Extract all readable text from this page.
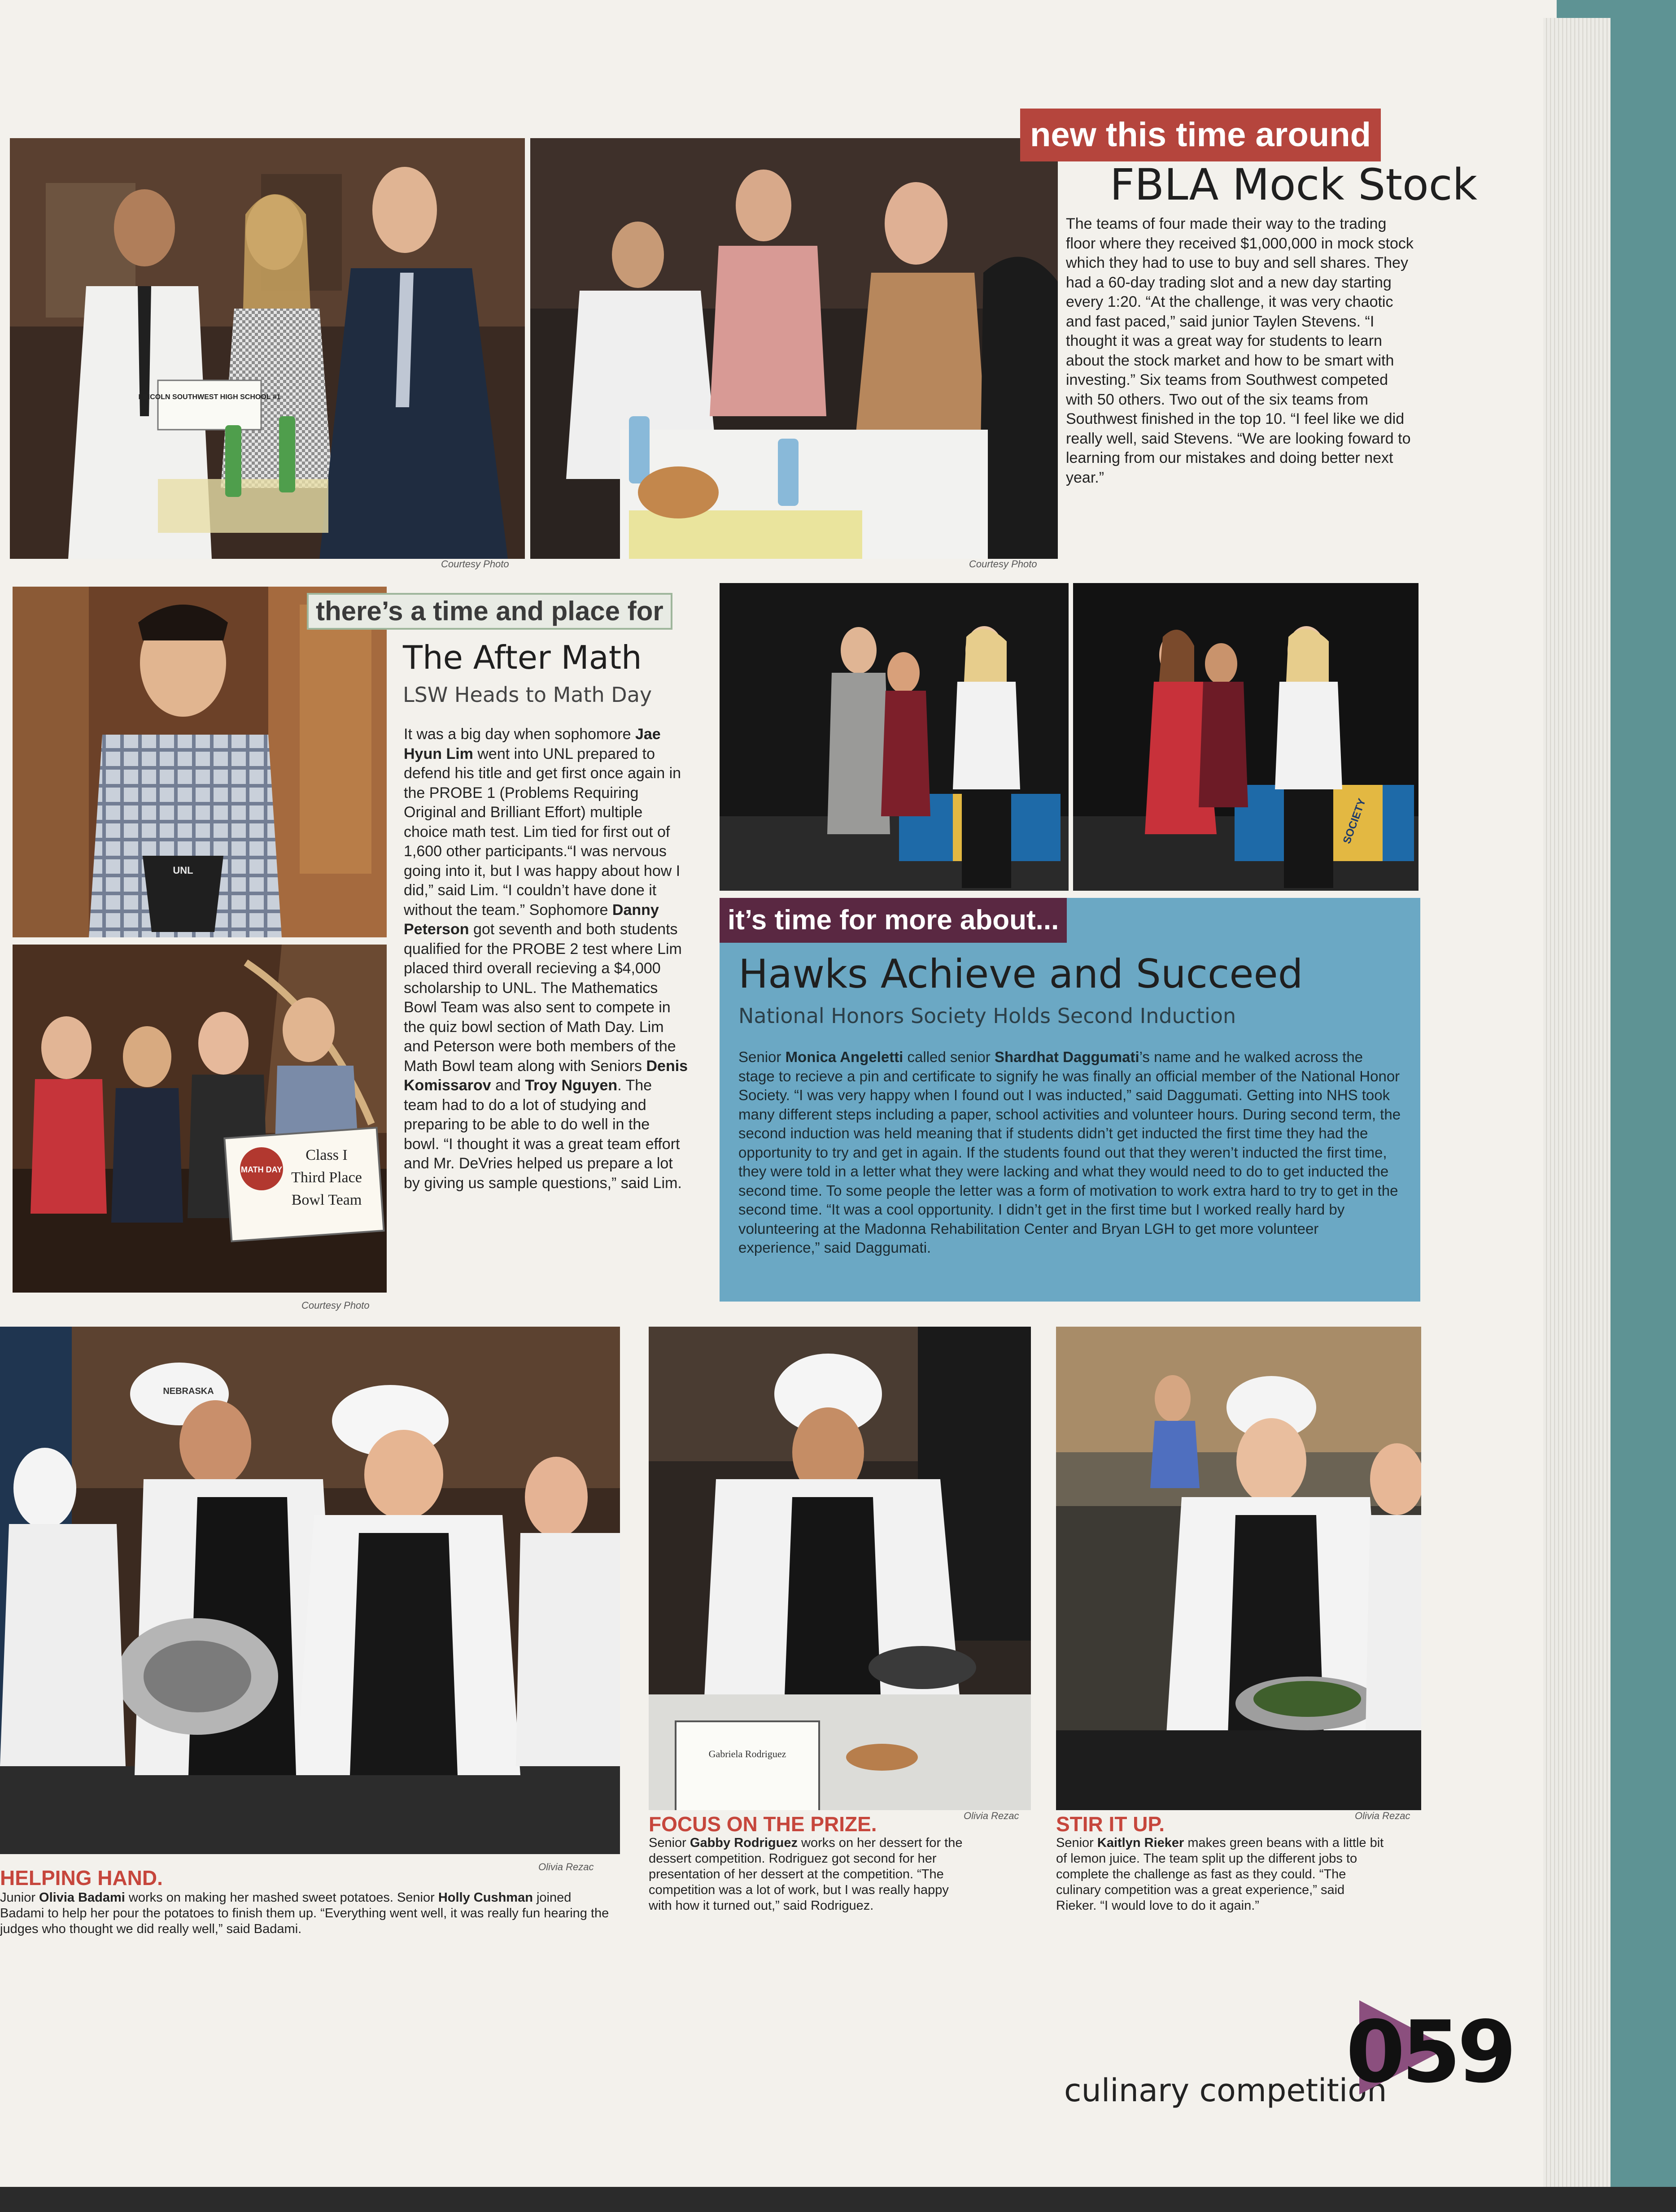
LINCOLN SOUTHWEST HIGH SCHOOL #1
Courtesy Photo	Courtesy Photo
new this time around
FBLA Mock Stock
The teams of four made their way to the trading floor where they received $1,000,000 in mock stock which they had to use to buy and sell shares. They had a 60-day trading slot and a new day starting every 1:20. “At the challenge, it was very chaotic and fast paced,” said junior Taylen Stevens. “I thought it was a great way for students to learn about the stock market and how to be smart with investing.” Six teams from Southwest competed with 50 others. Two out of the six teams from Southwest finished in the top 10. “I feel like we did really well, said Stevens. “We are looking foward to learning from our mistakes and doing better next year.”
UNL
MATH DAY
Class I
Third Place
Bowl Team
Courtesy Photo
there’s a time and place for
The After Math
LSW Heads to Math Day
It was a big day when sophomore Jae Hyun Lim went into UNL prepared to defend his title and get first once again in the PROBE 1 (Problems Requiring Original and Brilliant Effort) multiple choice math test. Lim tied for first out of 1,600 other participants.“I was nervous going into it, but I was happy about how I did,” said Lim. “I couldn’t have done it without the team.” Sophomore Danny Peterson got seventh and both students qualified for the PROBE 2 test where Lim placed third overall recieving a $4,000 scholarship to UNL. The Mathematics Bowl Team was also sent to compete in the quiz bowl section of Math Day. Lim and Peterson were both members of the Math Bowl team along with Seniors Denis Komissarov and Troy Nguyen. The team had to do a lot of studying and preparing to be able to do well in the bowl. “I thought it was a great team effort and Mr. DeVries helped us prepare a lot by giving us sample questions,” said Lim.
SOCIETY
it’s time for more about...
Hawks Achieve and Succeed
National Honors Society Holds Second Induction
Senior Monica Angeletti called senior Shardhat Daggumati’s name and he walked across the stage to recieve a pin and certificate to signify he was finally an official member of the National Honor Society. “I was very happy when I found out I was inducted,” said Daggumati. Getting into NHS took many different steps including a paper, school activities and volunteer hours. During second term, the second induction was held meaning that if students didn’t get inducted the first time they had the opportunity to try and get in again. If the students found out that they weren’t inducted the first time, they were told in a letter what they were lacking and what they would need to do to get inducted the second time. To some people the letter was a form of motivation to work extra hard to try to get in the second time. “It was a cool opportunity. I didn’t get in the first time but I worked really hard by volunteering at the Madonna Rehabilitation Center and Bryan LGH to get more volunteer experience,” said Daggumati.
NEBRASKA
Gabriela Rodriguez
HELPING HAND.	Olivia Rezac
Junior Olivia Badami works on making her mashed sweet potatoes. Senior Holly Cushman joined Badami to help her pour the potatoes to finish them up. “Everything went well, it was really fun hearing the judges who thought we did really well,” said Badami.
FOCUS ON THE PRIZE.	Olivia Rezac
Senior Gabby Rodriguez works on her dessert for the dessert competition. Rodriguez got second for her presentation of her dessert at the competition. “The competition was a lot of work, but I was really happy with how it turned out,” said Rodriguez.
STIR IT UP.	Olivia Rezac
Senior Kaitlyn Rieker makes green beans with a little bit of lemon juice. The team split up the different jobs to complete the challenge as fast as they could. “The culinary competition was a great experience,” said Rieker. “I would love to do it again.”
culinary competition
059
